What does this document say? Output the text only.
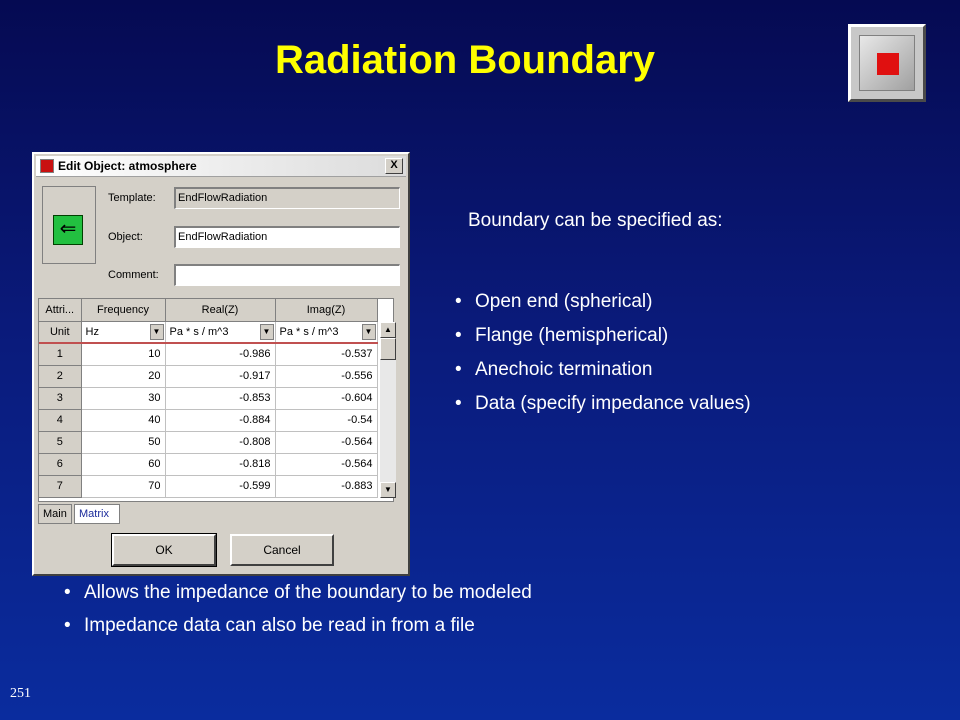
Radiation Boundary
Boundary can be specified as:
• Open end (spherical)
• Flange (hemispherical)
• Anechoic termination
• Data (specify impedance values)
• Allows the impedance of the boundary to be modeled
• Impedance data can also be read in from a file
251
Edit Object: atmosphere	X
⇐
Template:	EndFlowRadiation
Object:	EndFlowRadiation
Comment:
Attri...	Frequency	Real(Z)	Imag(Z)
Unit	Hz ▼	Pa * s / m^3 ▼	Pa * s / m^3 ▼

1	10	-0.986	-0.537
2	20	-0.917	-0.556
3	30	-0.853	-0.604
4	40	-0.884	-0.54
5	50	-0.808	-0.564
6	60	-0.818	-0.564
7	70	-0.599	-0.883
▲
▼
Main	Matrix
OK	Cancel
